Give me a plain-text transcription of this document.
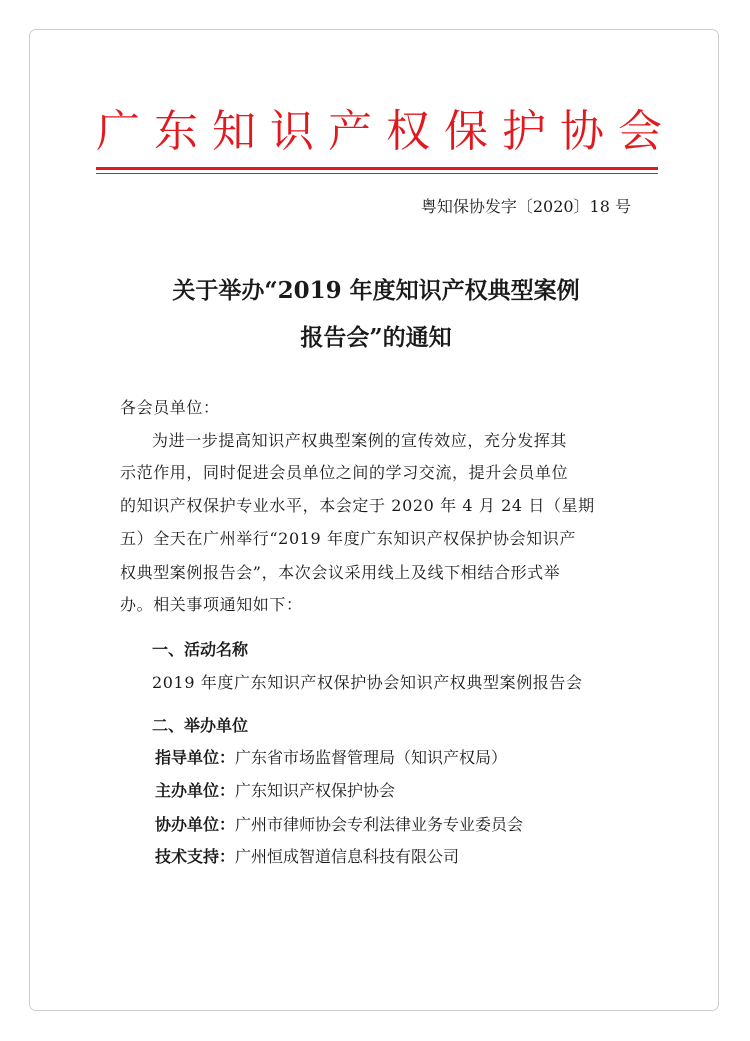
广东知识产权保护协会
粤知保协发字〔2020〕18 号
关于举办“2019 年度知识产权典型案例
报告会”的通知
各会员单位：
为进一步提高知识产权典型案例的宣传效应，充分发挥其
示范作用，同时促进会员单位之间的学习交流，提升会员单位
的知识产权保护专业水平，本会定于 2020 年 4 月 24 日（星期
五）全天在广州举行“2019 年度广东知识产权保护协会知识产
权典型案例报告会”，本次会议采用线上及线下相结合形式举
办。相关事项通知如下：
一、活动名称
2019 年度广东知识产权保护协会知识产权典型案例报告会
二、举办单位
指导单位：广东省市场监督管理局（知识产权局）
主办单位：广东知识产权保护协会
协办单位：广州市律师协会专利法律业务专业委员会
技术支持：广州恒成智道信息科技有限公司
